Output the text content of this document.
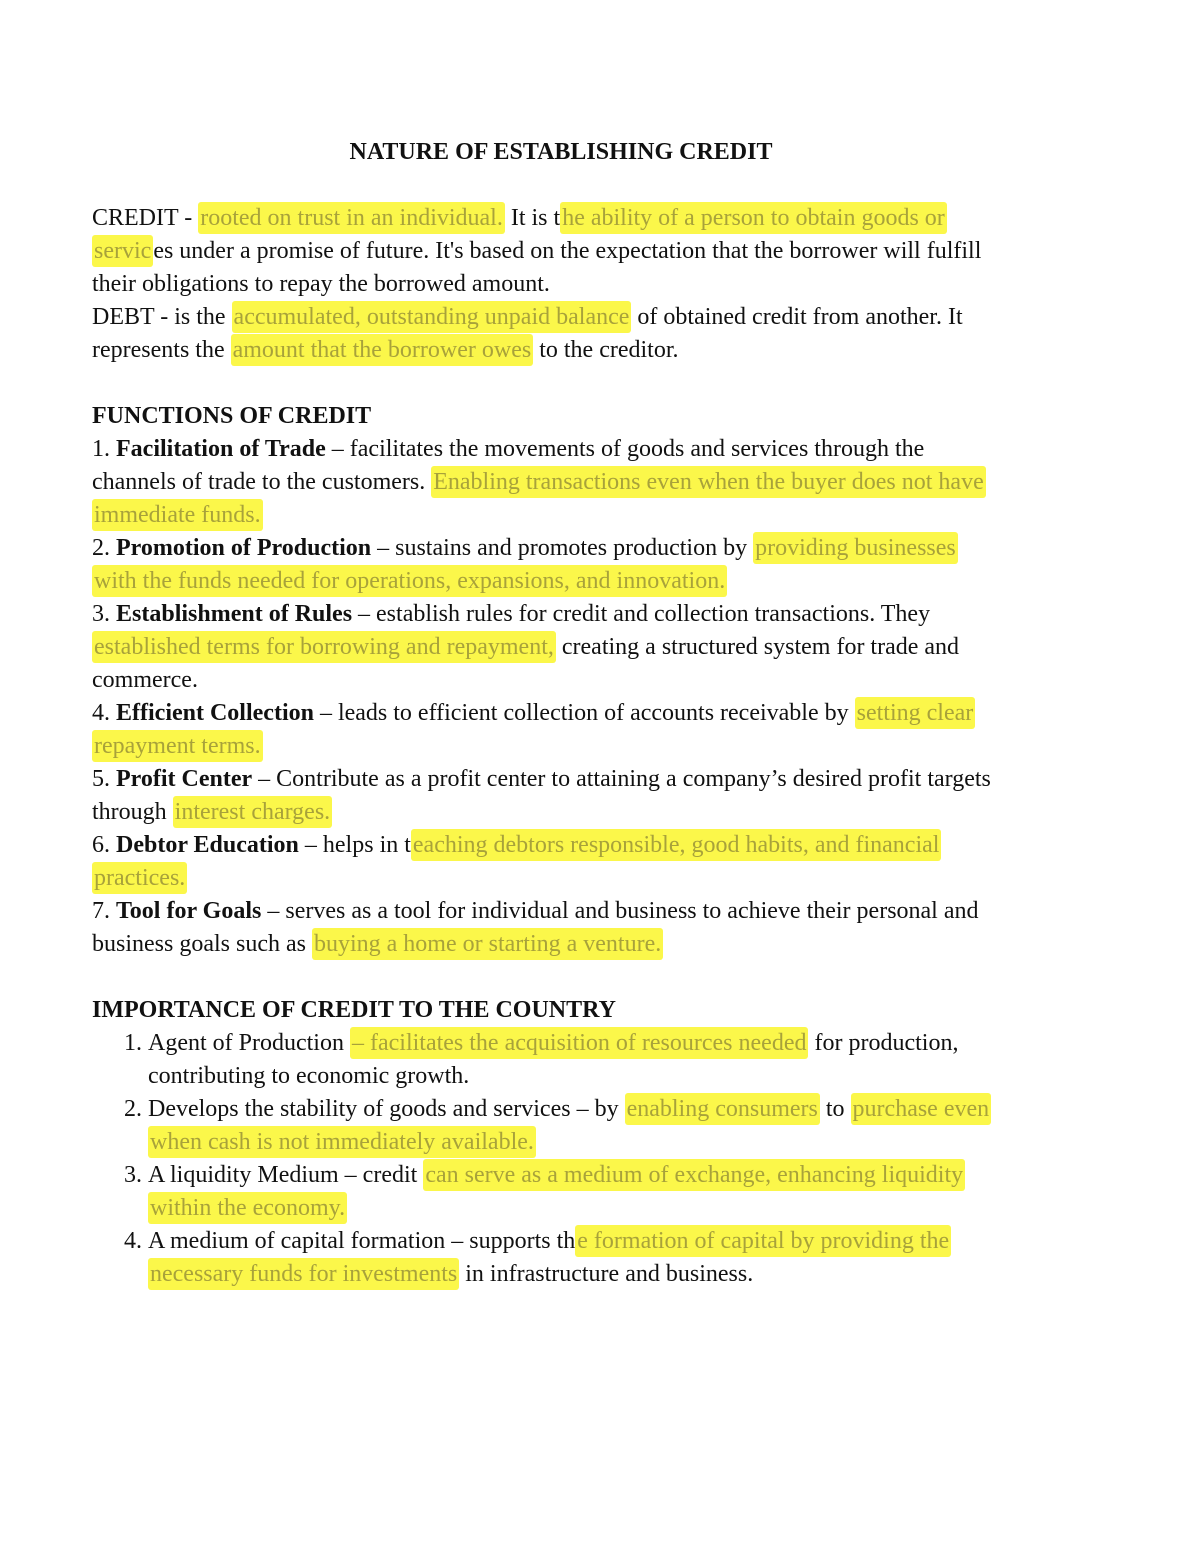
NATURE OF ESTABLISHING CREDIT

CREDIT - rooted on trust in an individual. It is the ability of a person to obtain goods or services under a promise of future. It's based on the expectation that the borrower will fulfill their obligations to repay the borrowed amount.

DEBT - is the accumulated, outstanding unpaid balance of obtained credit from another. It represents the amount that the borrower owes to the creditor.

FUNCTIONS OF CREDIT

1. Facilitation of Trade – facilitates the movements of goods and services through the channels of trade to the customers. Enabling transactions even when the buyer does not have immediate funds.

2. Promotion of Production – sustains and promotes production by providing businesses with the funds needed for operations, expansions, and innovation.

3. Establishment of Rules – establish rules for credit and collection transactions. They established terms for borrowing and repayment, creating a structured system for trade and commerce.

4. Efficient Collection – leads to efficient collection of accounts receivable by setting clear repayment terms.

5. Profit Center – Contribute as a profit center to attaining a company’s desired profit targets through interest charges.

6. Debtor Education – helps in teaching debtors responsible, good habits, and financial practices.

7. Tool for Goals – serves as a tool for individual and business to achieve their personal and business goals such as buying a home or starting a venture.

IMPORTANCE OF CREDIT TO THE COUNTRY

1. Agent of Production – facilitates the acquisition of resources needed for production, contributing to economic growth.
2. Develops the stability of goods and services – by enabling consumers to purchase even when cash is not immediately available.
3. A liquidity Medium – credit can serve as a medium of exchange, enhancing liquidity within the economy.
4. A medium of capital formation – supports the formation of capital by providing the necessary funds for investments in infrastructure and business.
